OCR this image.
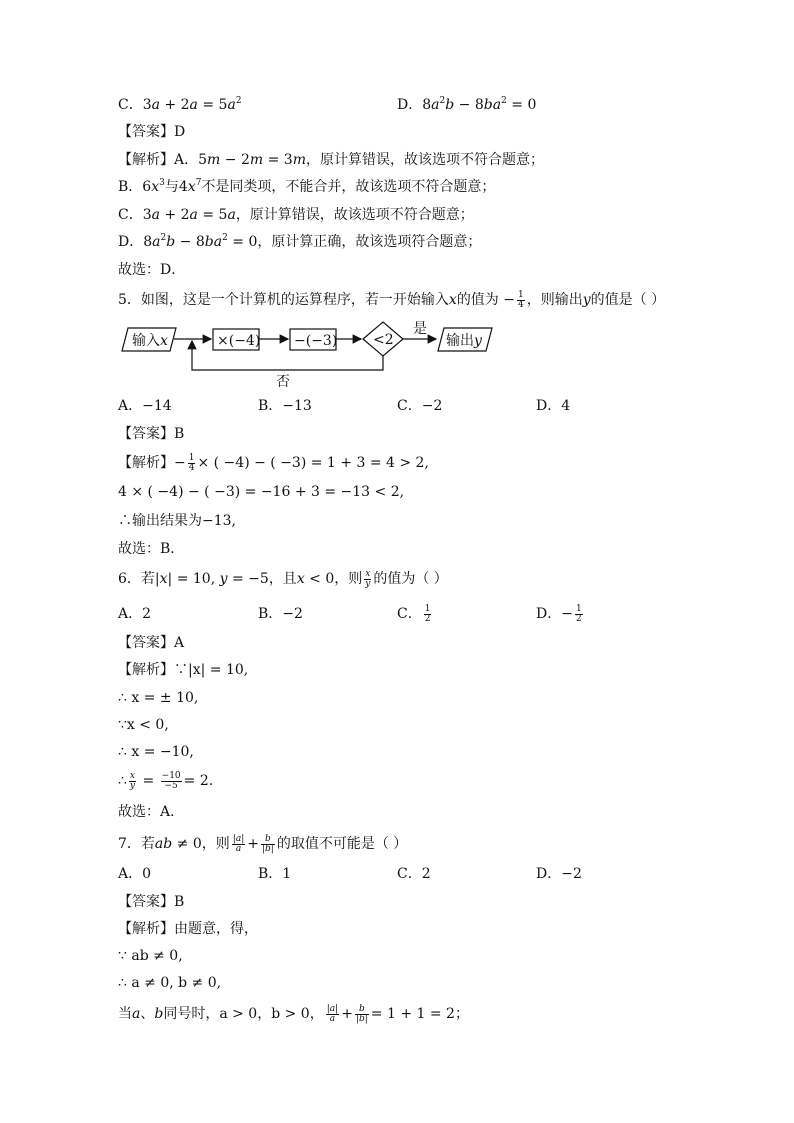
C．$3a + 2a = 5a^2$	D．$8a^2b - 8ba^2 = 0$
【答案】D
【解析】A．5m − 2m = 3m，原计算错误，故该选项不符合题意；
B．$6x^3$与$4x^7$不是同类项，不能合并，故该选项不符合题意；
C．3a + 2a = 5a，原计算错误，故该选项不符合题意；
D．$8a^2b - 8ba^2 = 0$，原计算正确，故该选项符合题意；
故选：D．
5．如图，这是一个计算机的运算程序，若一开始输入x的值为 − $\frac{1}{4}$ ，则输出y的值是（ ）
输入x	×(−4) −(−3)	<2
是
输出y
否
A．−14	B．−13	C．−2	D．4
【答案】B
【解析】− $\frac{1}{4}$ × ( −4) − ( −3) = 1 + 3 = 4 > 2,
4 × ( −4) − ( −3) = −16 + 3 = −13 < 2,
∴输出结果为−13,
故选：B．
6．若|x| = 10, y = −5，且x < 0，则 $\frac{x}{y}$ 的值为（ ）
A．2	B．−2	C． $\frac{1}{2}$	D．− $\frac{1}{2}$
【答案】A
【解析】∵|x| = 10,
∴ x = ± 10,
∵x < 0,
∴ x = −10,
∴ $\frac{x}{y} = \frac{-10}{-5} = 2$.
故选：A．
7．若ab ≠ 0，则 $\frac{|a|}{a} + \frac{b}{|b|}$ 的取值不可能是（ ）
A．0	B．1	C．2	D．−2
【答案】B
【解析】由题意，得，
∵ ab ≠ 0,
∴ a ≠ 0, b ≠ 0,
当a、b同号时，a > 0，b > 0， $\frac{|a|}{a} + \frac{b}{|b|} = 1 + 1 = 2$；
